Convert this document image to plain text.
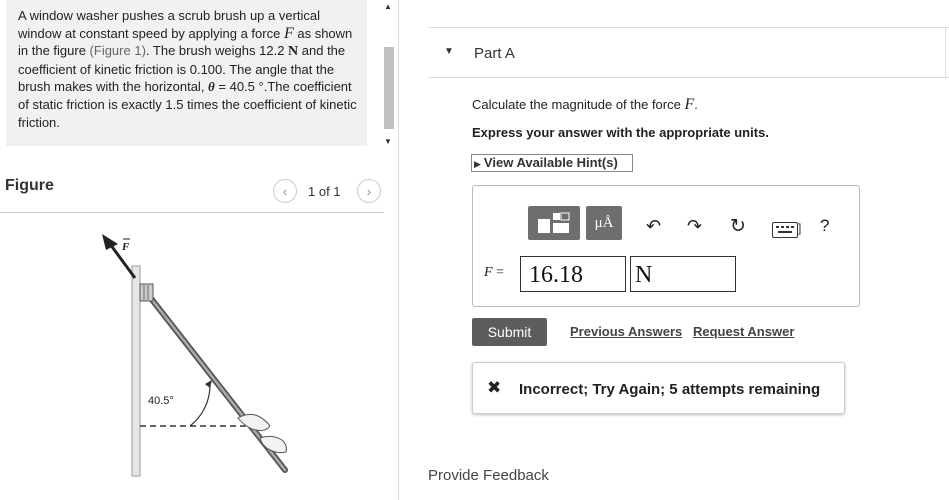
A window washer pushes a scrub brush up a vertical window at constant speed by applying a force F as shown in the figure (Figure 1). The brush weighs 12.2 N and the coefficient of kinetic friction is 0.100. The angle that the brush makes with the horizontal, θ = 40.5 °.The coefficient of static friction is exactly 1.5 times the coefficient of kinetic friction.
▲
▼
Figure	‹	1 of 1	›
F
40.5°
▼ Part A
Calculate the magnitude of the force F.
Express your answer with the appropriate units.
▶ View Available Hint(s)
μÅ	↶ ↷ ↻	] ?
F =	16.18	N
Submit	Previous Answers Request Answer
✖ Incorrect; Try Again; 5 attempts remaining
Provide Feedback
